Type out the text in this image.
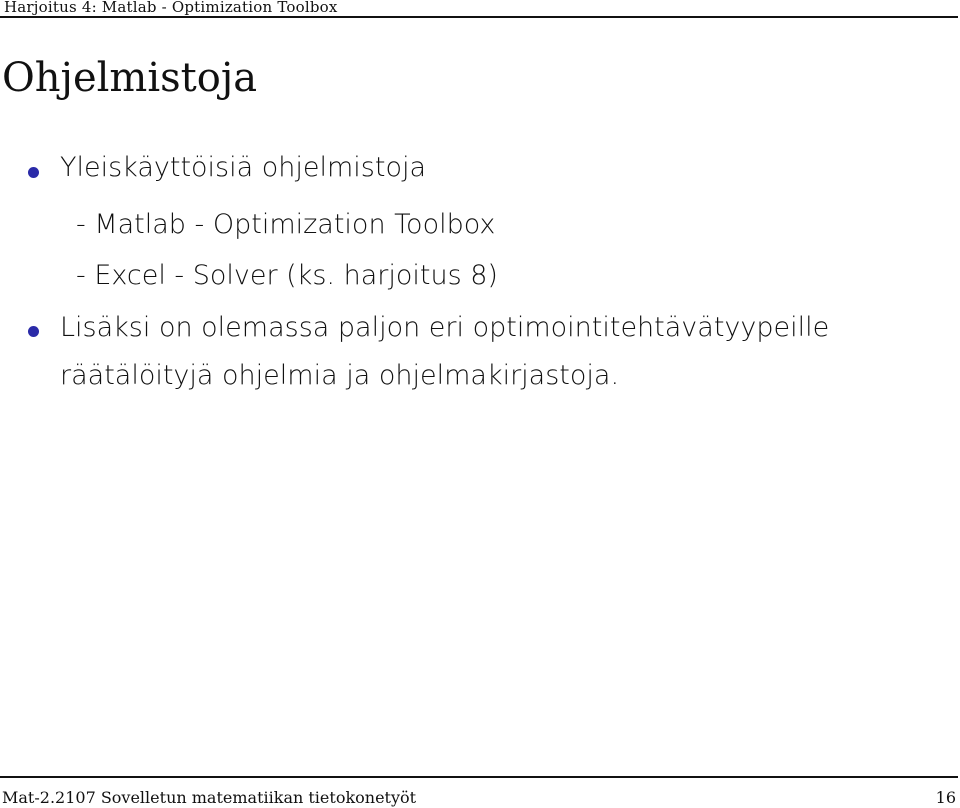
Harjoitus 4: Matlab - Optimization Toolbox
Ohjelmistoja
Yleiskäyttöisiä ohjelmistoja
- Matlab - Optimization Toolbox
- Excel - Solver (ks. harjoitus 8)
Lisäksi on olemassa paljon eri optimointitehtävätyypeille
räätälöityjä ohjelmia ja ohjelmakirjastoja.
Mat-2.2107 Sovelletun matematiikan tietokonetyöt	16
